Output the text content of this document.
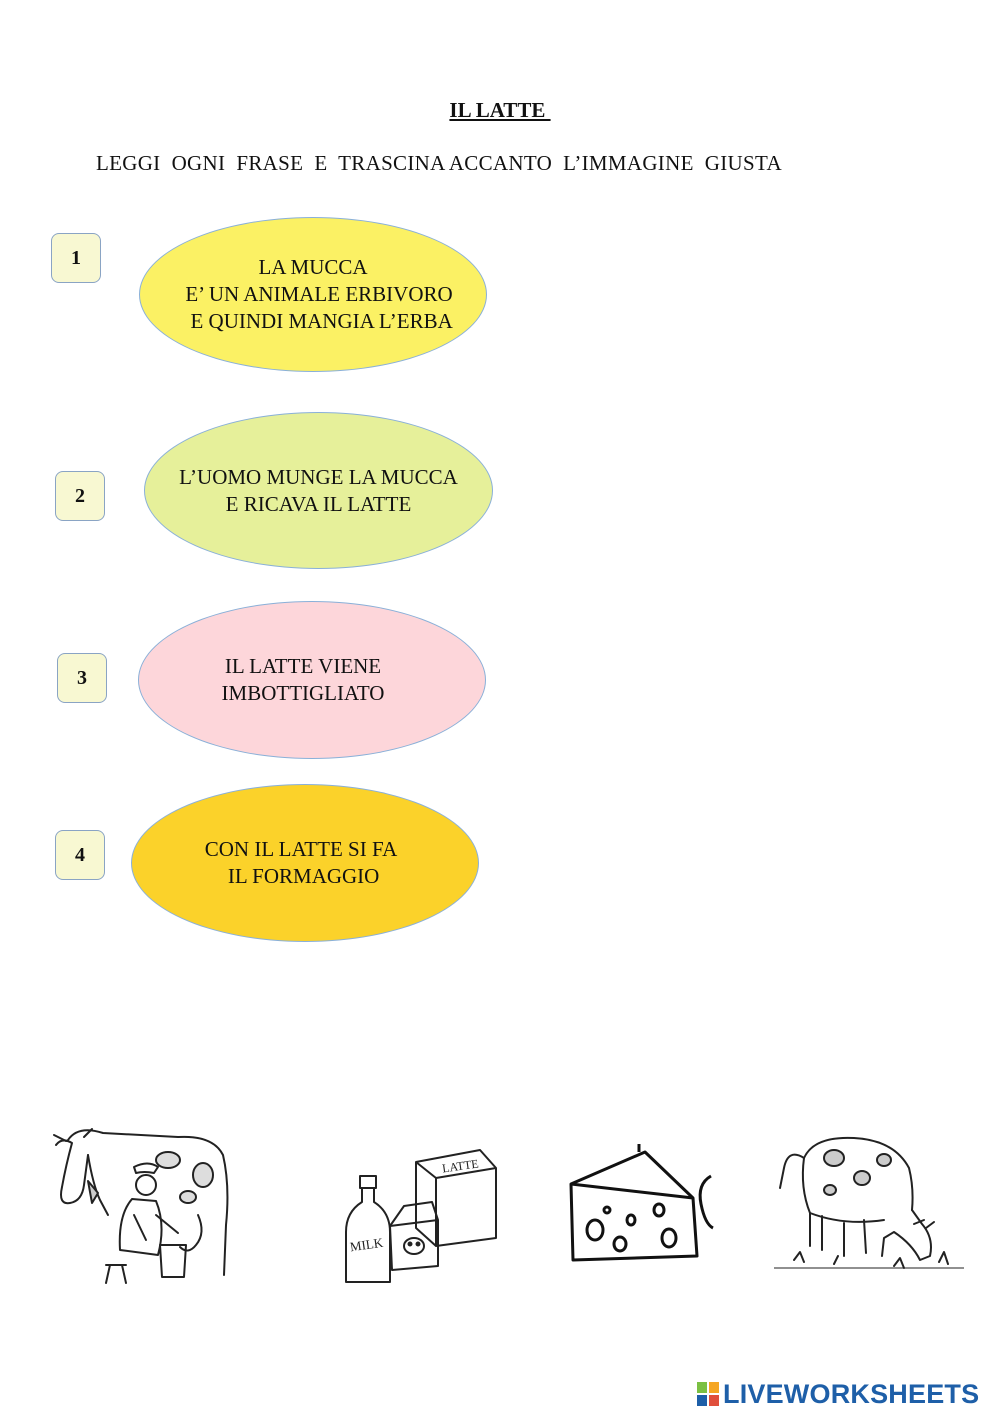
IL LATTE
LEGGI  OGNI  FRASE  E  TRASCINA ACCANTO  L’IMMAGINE  GIUSTA
1	LA MUCCA
E’ UN ANIMALE ERBIVORO
E QUINDI MANGIA L’ERBA
2
L’UOMO MUNGE LA MUCCA
E RICAVA IL LATTE
3	IL LATTE VIENE
IMBOTTIGLIATO
4	CON IL LATTE SI FA
IL FORMAGGIO
MILK
LATTE
LIVEWORKSHEETS
